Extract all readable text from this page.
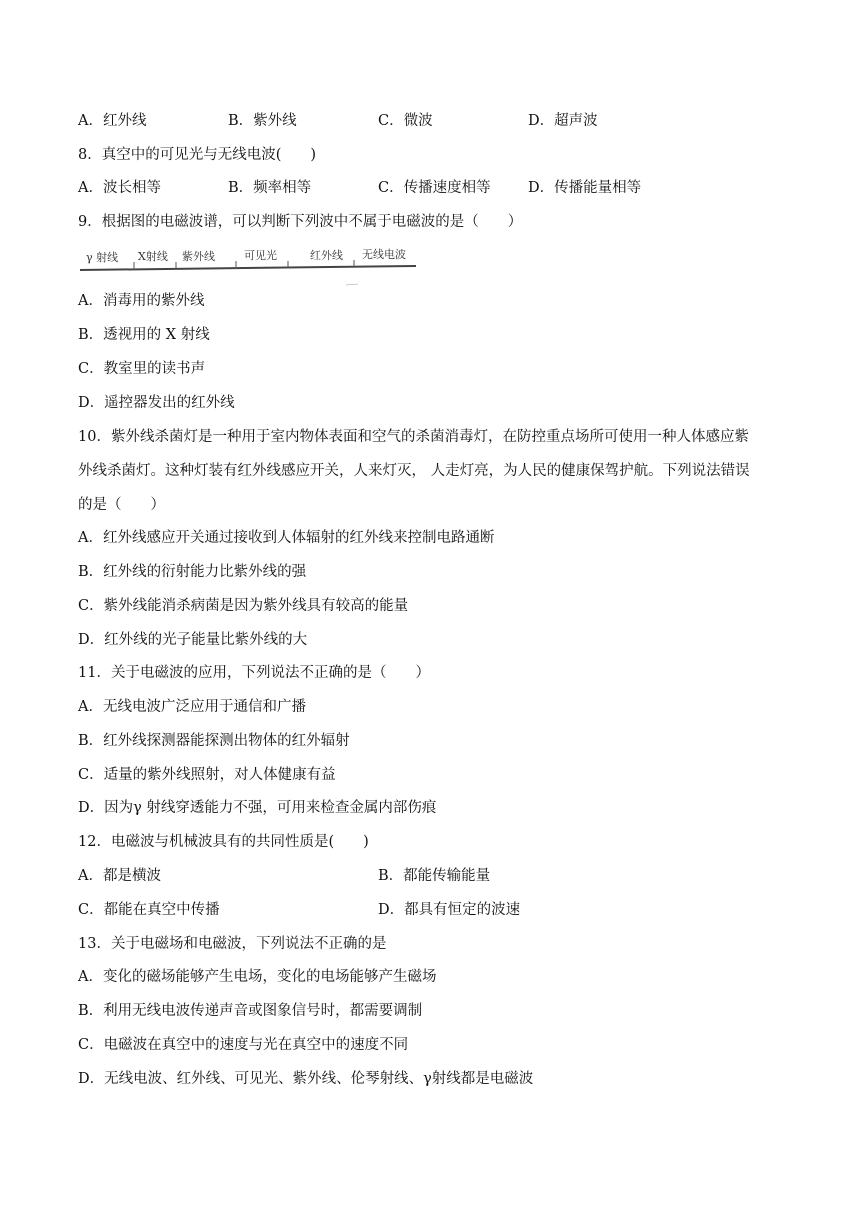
A．红外线	B．紫外线	C．微波	D．超声波
8．真空中的可见光与无线电波(　　)
A．波长相等	B．频率相等	C．传播速度相等	D．传播能量相等
9．根据图的电磁波谱，可以判断下列波中不属于电磁波的是（　　）
γ 射线 X射线 紫外线	可见光	红外线 无线电波
A．消毒用的紫外线
B．透视用的 X 射线
C．教室里的读书声
D．遥控器发出的红外线
10．紫外线杀菌灯是一种用于室内物体表面和空气的杀菌消毒灯，在防控重点场所可使用一种人体感应紫
外线杀菌灯。这种灯装有红外线感应开关，人来灯灭， 人走灯亮，为人民的健康保驾护航。下列说法错误
的是（　　）
A．红外线感应开关通过接收到人体辐射的红外线来控制电路通断
B．红外线的衍射能力比紫外线的强
C．紫外线能消杀病菌是因为紫外线具有较高的能量
D．红外线的光子能量比紫外线的大
11．关于电磁波的应用，下列说法不正确的是（　　）
A．无线电波广泛应用于通信和广播
B．红外线探测器能探测出物体的红外辐射
C．适量的紫外线照射，对人体健康有益
D．因为γ 射线穿透能力不强，可用来检查金属内部伤痕
12．电磁波与机械波具有的共同性质是(　　)
A．都是横波	B．都能传输能量
C．都能在真空中传播	D．都具有恒定的波速
13．关于电磁场和电磁波，下列说法不正确的是
A．变化的磁场能够产生电场，变化的电场能够产生磁场
B．利用无线电波传递声音或图象信号时，都需要调制
C．电磁波在真空中的速度与光在真空中的速度不同
D．无线电波、红外线、可见光、紫外线、伦琴射线、γ射线都是电磁波
